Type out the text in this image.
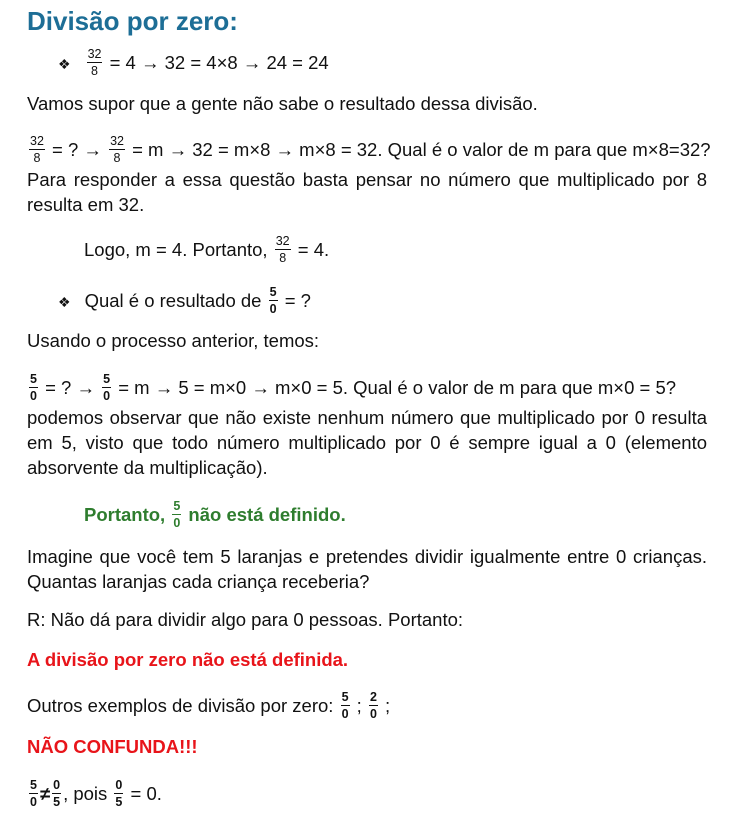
Divisão por zero:
❖ $\frac{32}{8} = 4 \to 32 = 4\times 8 \to 24 = 24$
Vamos supor que a gente não sabe o resultado dessa divisão.
$\frac{32}{8}$ = ? → $\frac{32}{8} = m \to 32 = m\times 8 \to m\times 8 = 32$. Qual é o valor de m para que m×8=32?
Para responder a essa questão basta pensar no número que multiplicado por 8 resulta em 32.
Logo, m = 4. Portanto, $\frac{32}{8} = 4$.
❖ Qual é o resultado de $\frac{5}{0}$ = ?
Usando o processo anterior, temos:
$\frac{5}{0}$ = ? → $\frac{5}{0} = m \to 5 = m\times 0 \to m\times 0 = 5$. Qual é o valor de m para que m×0 = 5?
podemos observar que não existe nenhum número que multiplicado por 0 resulta em 5, visto que todo número multiplicado por 0 é sempre igual a 0 (elemento absorvente da multiplicação).
Portanto, $\frac{5}{0}$ não está definido.
Imagine que você tem 5 laranjas e pretendes dividir igualmente entre 0 crianças. Quantas laranjas cada criança receberia?
R: Não dá para dividir algo para 0 pessoas. Portanto:
A divisão por zero não está definida.
Outros exemplos de divisão por zero: $\frac{5}{0}$ ; $\frac{2}{0}$ ;
NÃO CONFUNDA!!!
$\frac{5}{0} \ne \frac{0}{5}$ , pois $\frac{0}{5} = 0$.
